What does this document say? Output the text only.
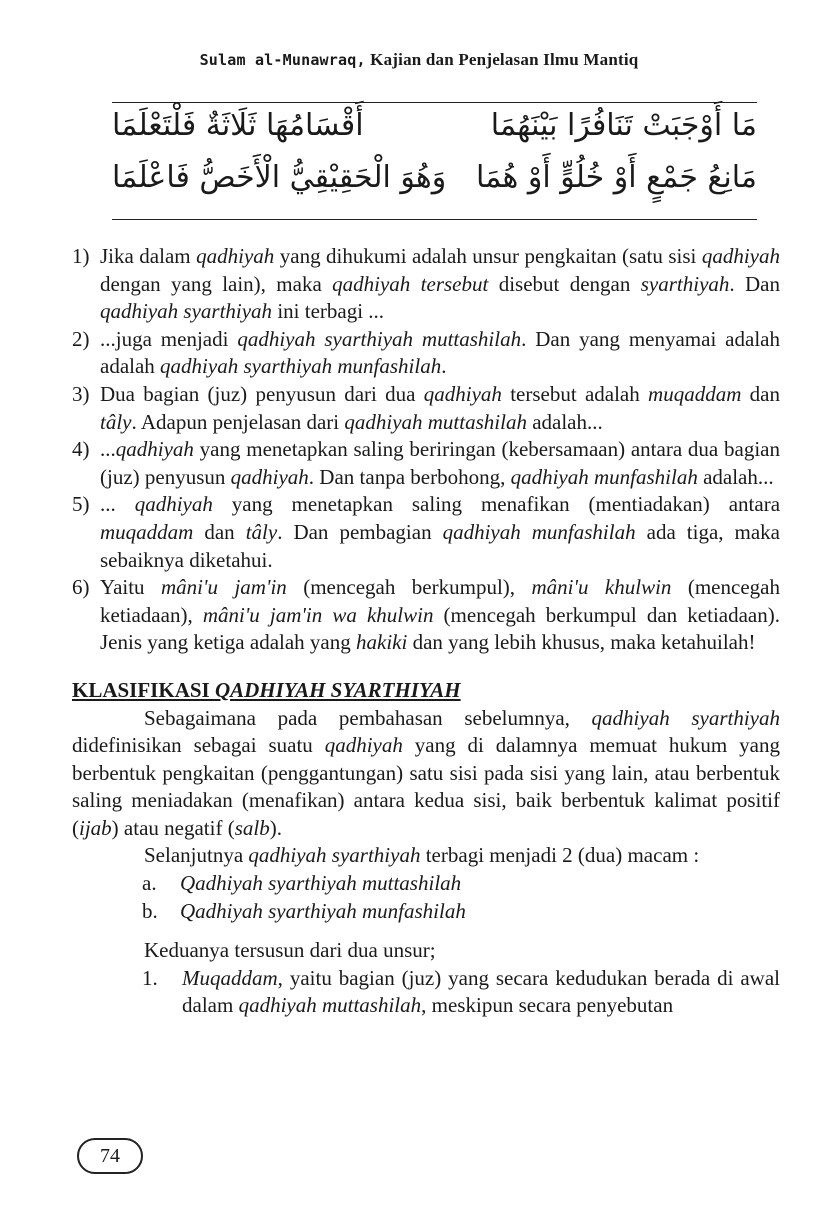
Sulam al-Munawraq, Kajian dan Penjelasan Ilmu Mantiq
مَا أَوْجَبَتْ تَنَافُرًا بَيْنَهُمَا
أَقْسَامُهَا ثَلَاثَةٌ فَلْتَعْلَمَا
مَانِعُ جَمْعٍ أَوْ خُلُوٍّ أَوْ هُمَا
وَهُوَ الْحَقِيْقِيُّ الْأَخَصُّ فَاعْلَمَا
1) Jika dalam qadhiyah yang dihukumi adalah unsur pengkaitan (satu sisi qadhiyah dengan yang lain), maka qadhiyah tersebut disebut dengan syarthiyah. Dan qadhiyah syarthiyah ini terbagi ...
2) ...juga menjadi qadhiyah syarthiyah muttashilah. Dan yang menyamai adalah adalah qadhiyah syarthiyah munfashilah.
3) Dua bagian (juz) penyusun dari dua qadhiyah tersebut adalah muqaddam dan tâly. Adapun penjelasan dari qadhiyah muttashilah adalah...
4) ...qadhiyah yang menetapkan saling beriringan (kebersamaan) antara dua bagian (juz) penyusun qadhiyah. Dan tanpa berbohong, qadhiyah munfashilah adalah...
5) ... qadhiyah yang menetapkan saling menafikan (mentiadakan) antara muqaddam dan tâly. Dan pembagian qadhiyah munfashilah ada tiga, maka sebaiknya diketahui.
6) Yaitu mâni'u jam'in (mencegah berkumpul), mâni'u khulwin (mencegah ketiadaan), mâni'u jam'in wa khulwin (mencegah berkumpul dan ketiadaan). Jenis yang ketiga adalah yang hakiki dan yang lebih khusus, maka ketahuilah!
KLASIFIKASI QADHIYAH SYARTHIYAH
Sebagaimana pada pembahasan sebelumnya, qadhiyah syarthiyah didefinisikan sebagai suatu qadhiyah yang di dalamnya memuat hukum yang berbentuk pengkaitan (penggantungan) satu sisi pada sisi yang lain, atau berbentuk saling meniadakan (menafikan) antara kedua sisi, baik berbentuk kalimat positif (ijab) atau negatif (salb).
Selanjutnya qadhiyah syarthiyah terbagi menjadi 2 (dua) macam :
a.	Qadhiyah syarthiyah muttashilah
b.	Qadhiyah syarthiyah munfashilah
Keduanya tersusun dari dua unsur;
1.	Muqaddam, yaitu bagian (juz) yang secara kedudukan berada di awal dalam qadhiyah muttashilah, meskipun secara penyebutan
74
